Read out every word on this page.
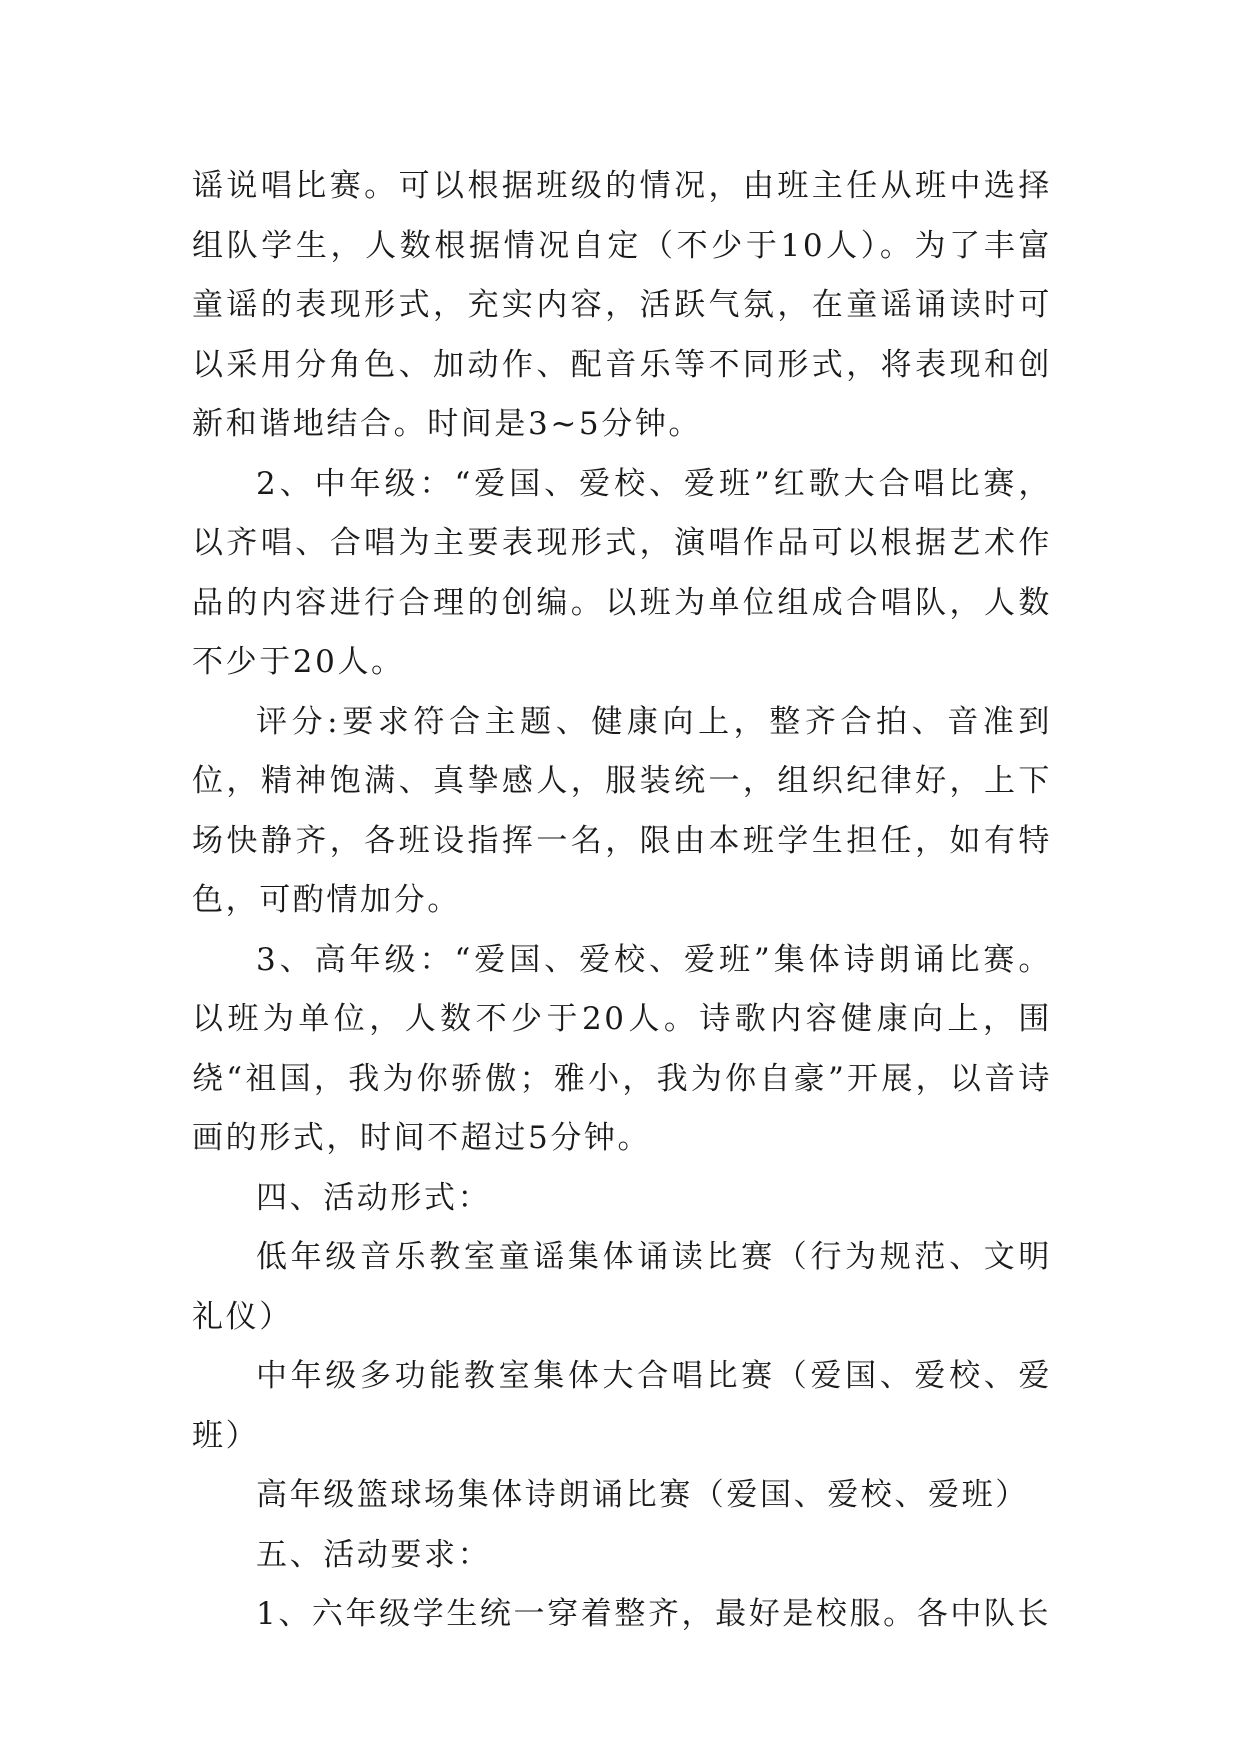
谣说唱比赛。可以根据班级的情况，由班主任从班中选择组队学生，人数根据情况自定（不少于10人）。为了丰富童谣的表现形式，充实内容，活跃气氛，在童谣诵读时可以采用分角色、加动作、配音乐等不同形式，将表现和创新和谐地结合。时间是3~5分钟。

2、中年级：“爱国、爱校、爱班”红歌大合唱比赛，以齐唱、合唱为主要表现形式，演唱作品可以根据艺术作品的内容进行合理的创编。以班为单位组成合唱队，人数不少于20人。

评分:要求符合主题、健康向上，整齐合拍、音准到位，精神饱满、真挚感人，服装统一，组织纪律好，上下场快静齐，各班设指挥一名，限由本班学生担任，如有特色，可酌情加分。

3、高年级：“爱国、爱校、爱班”集体诗朗诵比赛。以班为单位，人数不少于20人。诗歌内容健康向上，围绕“祖国，我为你骄傲；雅小，我为你自豪”开展，以音诗画的形式，时间不超过5分钟。

四、活动形式：

低年级音乐教室童谣集体诵读比赛（行为规范、文明礼仪）

中年级多功能教室集体大合唱比赛（爱国、爱校、爱班）

高年级篮球场集体诗朗诵比赛（爱国、爱校、爱班）

五、活动要求：

1、六年级学生统一穿着整齐，最好是校服。各中队长
